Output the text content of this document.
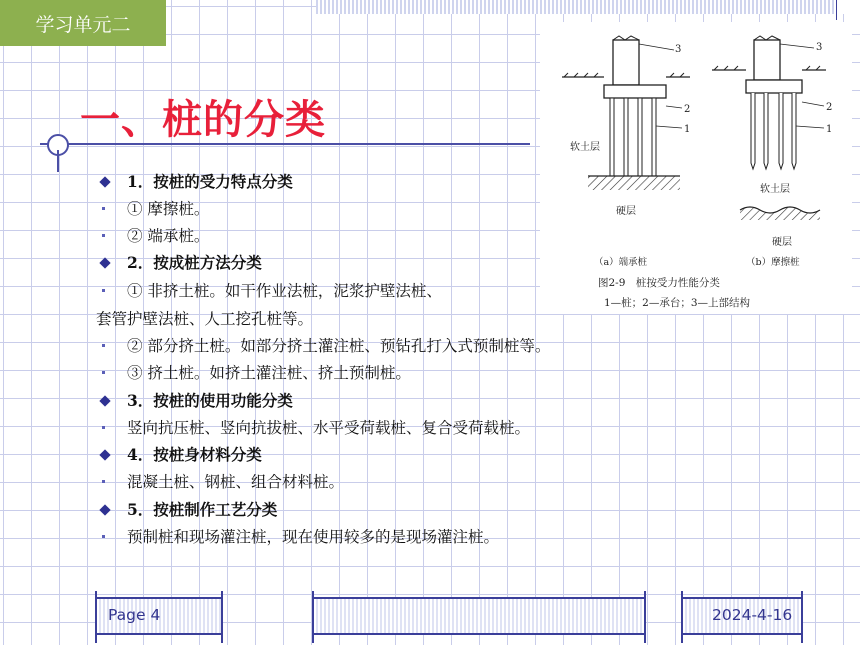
学习单元二
一、桩的分类
3
2
1
3
2
1
软土层
硬层
软土层
硬层
（a）端承桩	（b）摩擦桩
图2-9　桩按受力性能分类
1—桩；2—承台；3—上部结构
1．按桩的受力特点分类
① 摩擦桩。
② 端承桩。
2．按成桩方法分类
① 非挤土桩。如干作业法桩，泥浆护壁法桩、
套管护壁法桩、人工挖孔桩等。
② 部分挤土桩。如部分挤土灌注桩、预钻孔打入式预制桩等。
③ 挤土桩。如挤土灌注桩、挤土预制桩。
3．按桩的使用功能分类
竖向抗压桩、竖向抗拔桩、水平受荷载桩、复合受荷载桩。
4．按桩身材料分类
混凝土桩、钢桩、组合材料桩。
5．按桩制作工艺分类
预制桩和现场灌注桩，现在使用较多的是现场灌注桩。
Page 4	2024-4-16
